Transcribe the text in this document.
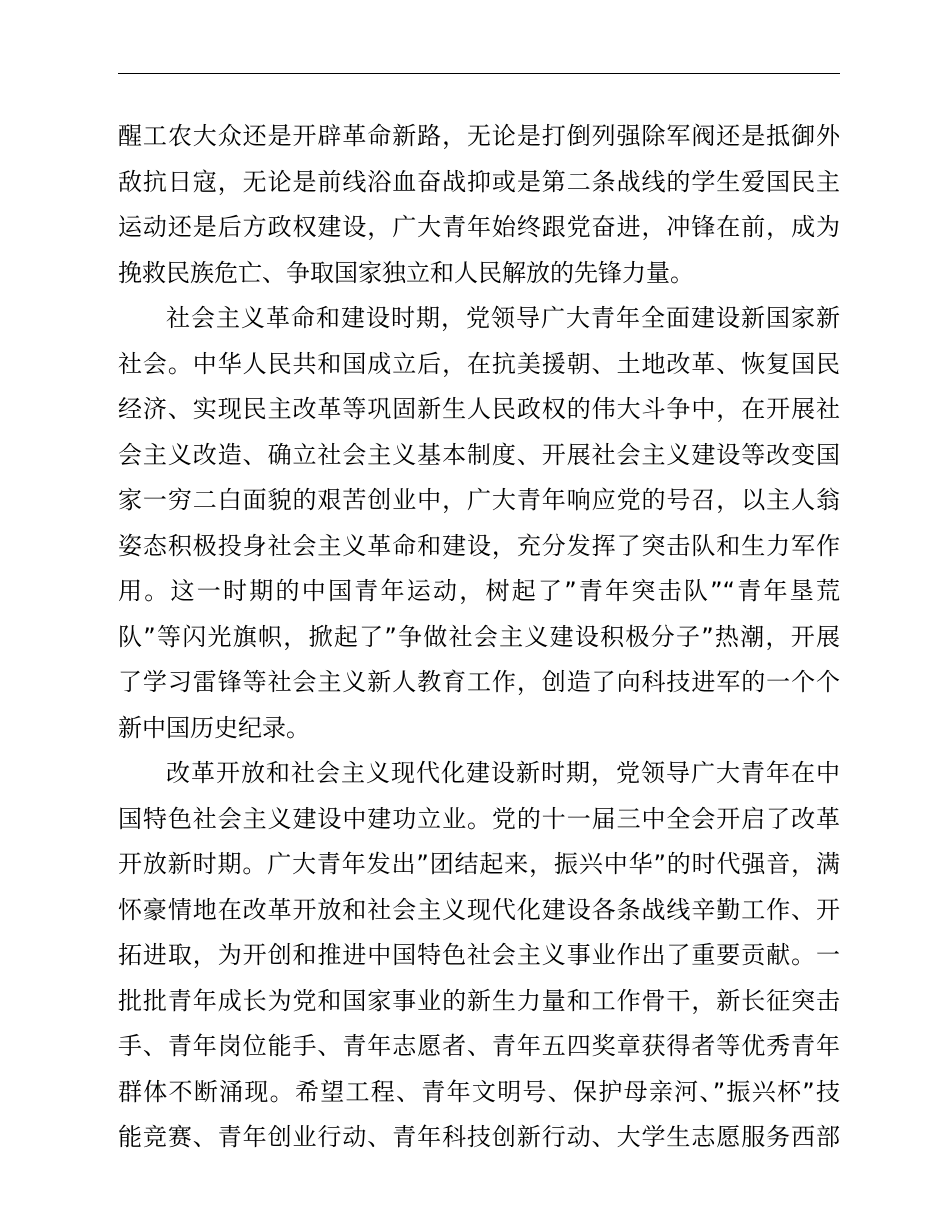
醒工农大众还是开辟革命新路，无论是打倒列强除军阀还是抵御外
敌抗日寇，无论是前线浴血奋战抑或是第二条战线的学生爱国民主
运动还是后方政权建设，广大青年始终跟党奋进，冲锋在前，成为
挽救民族危亡、争取国家独立和人民解放的先锋力量。
社会主义革命和建设时期，党领导广大青年全面建设新国家新
社会。中华人民共和国成立后，在抗美援朝、土地改革、恢复国民
经济、实现民主改革等巩固新生人民政权的伟大斗争中，在开展社
会主义改造、确立社会主义基本制度、开展社会主义建设等改变国
家一穷二白面貌的艰苦创业中，广大青年响应党的号召，以主人翁
姿态积极投身社会主义革命和建设，充分发挥了突击队和生力军作
用。这一时期的中国青年运动，树起了”青年突击队”“青年垦荒
队”等闪光旗帜，掀起了”争做社会主义建设积极分子”热潮，开展
了学习雷锋等社会主义新人教育工作，创造了向科技进军的一个个
新中国历史纪录。
改革开放和社会主义现代化建设新时期，党领导广大青年在中
国特色社会主义建设中建功立业。党的十一届三中全会开启了改革
开放新时期。广大青年发出”团结起来，振兴中华”的时代强音，满
怀豪情地在改革开放和社会主义现代化建设各条战线辛勤工作、开
拓进取，为开创和推进中国特色社会主义事业作出了重要贡献。一
批批青年成长为党和国家事业的新生力量和工作骨干，新长征突击
手、青年岗位能手、青年志愿者、青年五四奖章获得者等优秀青年
群体不断涌现。希望工程、青年文明号、保护母亲河、”振兴杯”技
能竞赛、青年创业行动、青年科技创新行动、大学生志愿服务西部
